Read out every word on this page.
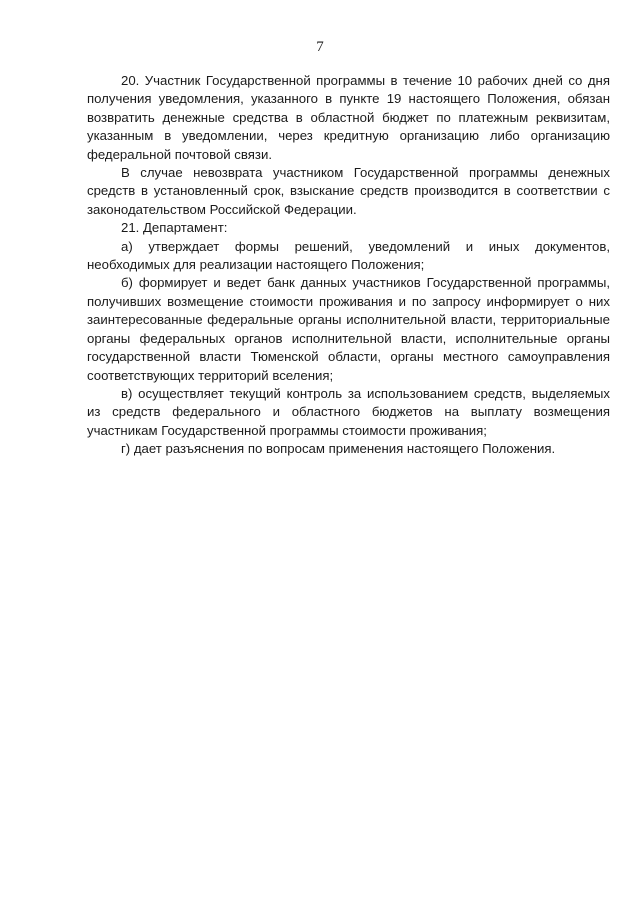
7

20. Участник Государственной программы в течение 10 рабочих дней со дня получения уведомления, указанного в пункте 19 настоящего Положения, обязан возвратить денежные средства в областной бюджет по платежным реквизитам, указанным в уведомлении, через кредитную организацию либо организацию федеральной почтовой связи.

В случае невозврата участником Государственной программы денежных средств в установленный срок, взыскание средств производится в соответствии с законодательством Российской Федерации.

21. Департамент:

а) утверждает формы решений, уведомлений и иных документов, необходимых для реализации настоящего Положения;

б) формирует и ведет банк данных участников Государственной программы, получивших возмещение стоимости проживания и по запросу информирует о них заинтересованные федеральные органы исполнительной власти, территориальные органы федеральных органов исполнительной власти, исполнительные органы государственной власти Тюменской области, органы местного самоуправления соответствующих территорий вселения;

в) осуществляет текущий контроль за использованием средств, выделяемых из средств федерального и областного бюджетов на выплату возмещения участникам Государственной программы стоимости проживания;

г) дает разъяснения по вопросам применения настоящего Положения.
